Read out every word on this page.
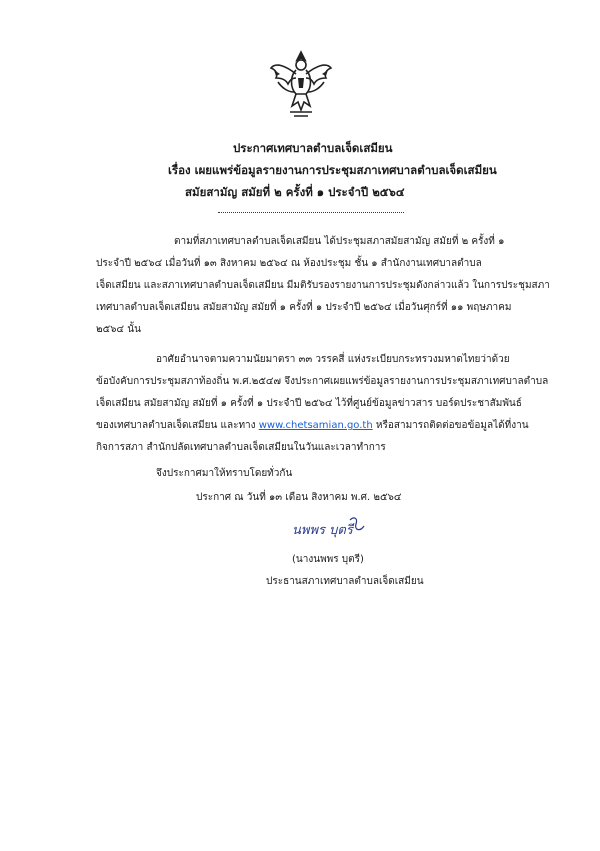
ประกาศเทศบาลตำบลเจ็ดเสมียน
เรื่อง เผยแพร่ข้อมูลรายงานการประชุมสภาเทศบาลตำบลเจ็ดเสมียน
สมัยสามัญ สมัยที่ ๒ ครั้งที่ ๑ ประจำปี ๒๕๖๔
ตามที่สภาเทศบาลตำบลเจ็ดเสมียน ได้ประชุมสภาสมัยสามัญ สมัยที่ ๒ ครั้งที่ ๑
ประจำปี ๒๕๖๔ เมื่อวันที่ ๑๓ สิงหาคม ๒๕๖๔ ณ ห้องประชุม ชั้น ๑ สำนักงานเทศบาลตำบล
เจ็ดเสมียน และสภาเทศบาลตำบลเจ็ดเสมียน มีมติรับรองรายงานการประชุมดังกล่าวแล้ว ในการประชุมสภา
เทศบาลตำบลเจ็ดเสมียน สมัยสามัญ สมัยที่ ๑ ครั้งที่ ๑ ประจำปี ๒๕๖๔ เมื่อวันศุกร์ที่ ๑๑ พฤษภาคม
๒๕๖๔ นั้น
อาศัยอำนาจตามความนัยมาตรา ๓๓ วรรคสี่ แห่งระเบียบกระทรวงมหาดไทยว่าด้วย
ข้อบังคับการประชุมสภาท้องถิ่น พ.ศ.๒๕๔๗ จึงประกาศเผยแพร่ข้อมูลรายงานการประชุมสภาเทศบาลตำบล
เจ็ดเสมียน สมัยสามัญ สมัยที่ ๑ ครั้งที่ ๑ ประจำปี ๒๕๖๔ ไว้ที่ศูนย์ข้อมูลข่าวสาร บอร์ดประชาสัมพันธ์
ของเทศบาลตำบลเจ็ดเสมียน และทาง www.chetsamian.go.th หรือสามารถติดต่อขอข้อมูลได้ที่งาน
กิจการสภา สำนักปลัดเทศบาลตำบลเจ็ดเสมียนในวันและเวลาทำการ
จึงประกาศมาให้ทราบโดยทั่วกัน
ประกาศ ณ วันที่ ๑๓ เดือน สิงหาคม พ.ศ. ๒๕๖๔
นพพร บุตรี
(นางนพพร บุตรี)
ประธานสภาเทศบาลตำบลเจ็ดเสมียน
